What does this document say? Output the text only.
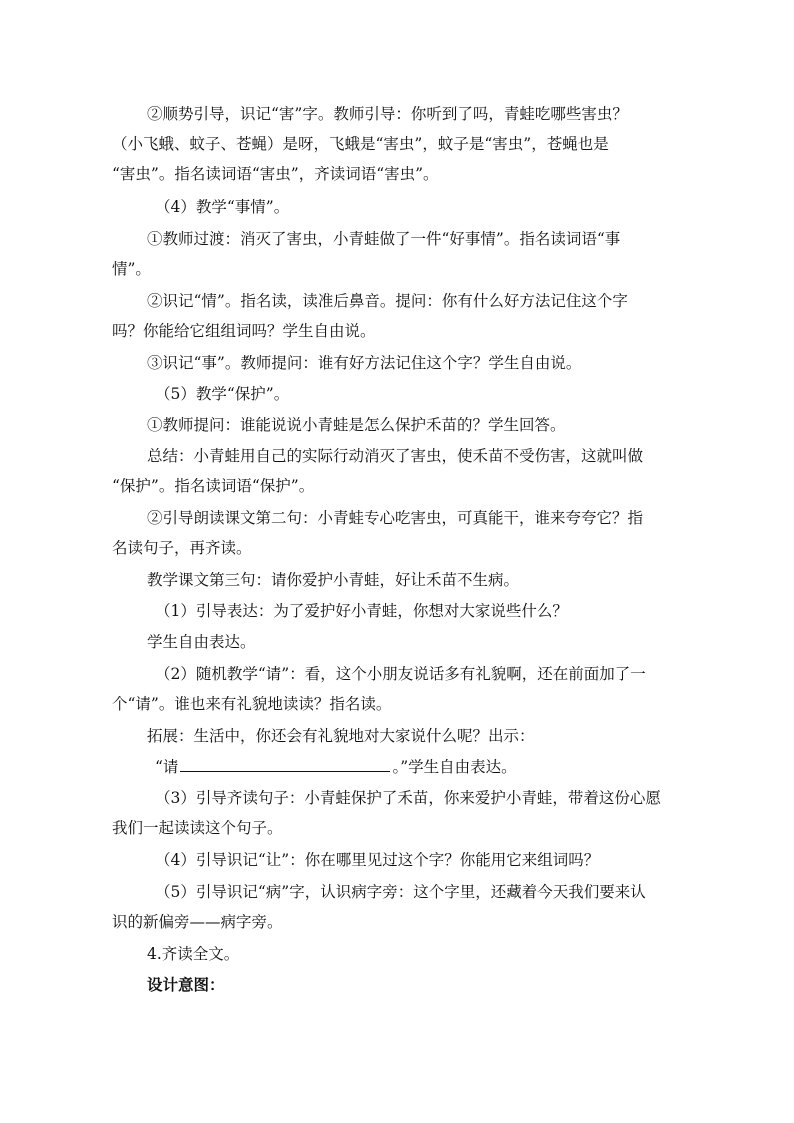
②顺势引导，识记“害”字。教师引导：你听到了吗，青蛙吃哪些害虫？
（小飞蛾、蚊子、苍蝇）是呀，飞蛾是“害虫”，蚊子是“害虫”，苍蝇也是
“害虫”。指名读词语“害虫”，齐读词语“害虫”。
（4）教学“事情”。
①教师过渡：消灭了害虫，小青蛙做了一件“好事情”。指名读词语“事
情”。
②识记“情”。指名读，读准后鼻音。提问：你有什么好方法记住这个字
吗？你能给它组组词吗？学生自由说。
③识记“事”。教师提问：谁有好方法记住这个字？学生自由说。
（5）教学“保护”。
①教师提问：谁能说说小青蛙是怎么保护禾苗的？学生回答。
总结：小青蛙用自己的实际行动消灭了害虫，使禾苗不受伤害，这就叫做
“保护”。指名读词语“保护”。
②引导朗读课文第二句：小青蛙专心吃害虫，可真能干，谁来夸夸它？指
名读句子，再齐读。
教学课文第三句：请你爱护小青蛙，好让禾苗不生病。
（1）引导表达：为了爱护好小青蛙，你想对大家说些什么？
学生自由表达。
（2）随机教学“请”：看，这个小朋友说话多有礼貌啊，还在前面加了一
个“请”。谁也来有礼貌地读读？指名读。
拓展：生活中，你还会有礼貌地对大家说什么呢？出示：
“请	。”学生自由表达。
（3）引导齐读句子：小青蛙保护了禾苗，你来爱护小青蛙，带着这份心愿
我们一起读读这个句子。
（4）引导识记“让”：你在哪里见过这个字？你能用它来组词吗？
（5）引导识记“病”字，认识病字旁：这个字里，还藏着今天我们要来认
识的新偏旁——病字旁。
4.齐读全文。
设计意图：
